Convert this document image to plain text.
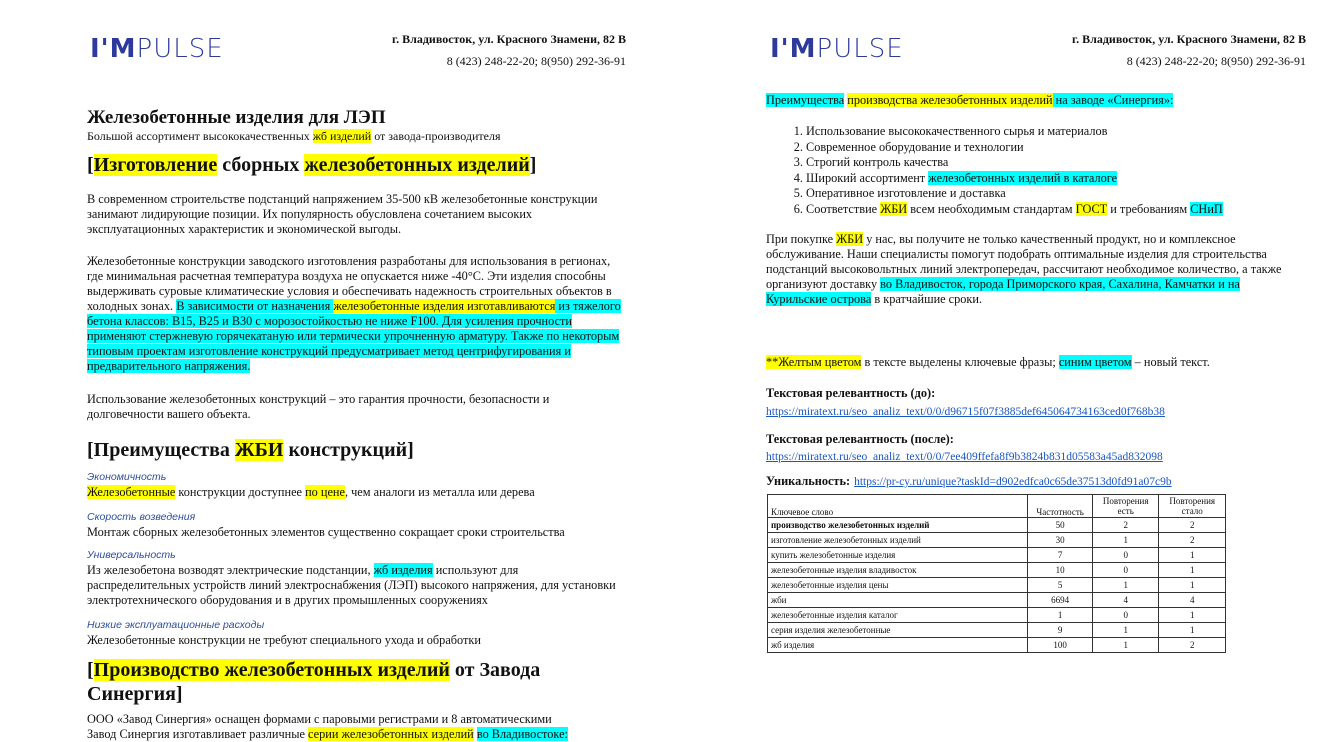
I'MPULSE	г. Владивосток, ул. Красного Знамени, 82 В
8 (423) 248-22-20; 8(950) 292-36-91
Железобетонные изделия для ЛЭП
Большой ассортимент высококачественных жб изделий от завода-производителя
[Изготовление сборных железобетонных изделий]
В современном строительстве подстанций напряжением 35-500 кВ железобетонные конструкции занимают лидирующие позиции. Их популярность обусловлена сочетанием высоких эксплуатационных характеристик и экономической выгоды.
Железобетонные конструкции заводского изготовления разработаны для использования в регионах, где минимальная расчетная температура воздуха не опускается ниже -40°С. Эти изделия способны выдерживать суровые климатические условия и обеспечивать надежность строительных объектов в холодных зонах. В зависимости от назначения железобетонные изделия изготавливаются из тяжелого бетона классов: В15, В25 и В30 с морозостойкостью не ниже F100. Для усиления прочности применяют стержневую горячекатаную или термически упрочненную арматуру. Также по некоторым типовым проектам изготовление конструкций предусматривает метод центрифугирования и предварительного напряжения.
Использование железобетонных конструкций – это гарантия прочности, безопасности и долговечности вашего объекта.
[Преимущества ЖБИ конструкций]
Экономичность
Железобетонные конструкции доступнее по цене, чем аналоги из металла или дерева
Скорость возведения
Монтаж сборных железобетонных элементов существенно сокращает сроки строительства
Универсальность
Из железобетона возводят электрические подстанции, жб изделия используют для распределительных устройств линий электроснабжения (ЛЭП) высокого напряжения, для установки электротехнического оборудования и в других промышленных сооружениях
Низкие эксплуатационные расходы
Железобетонные конструкции не требуют специального ухода и обработки
[Производство железобетонных изделий от Завода Синергия]
ООО «Завод Синергия» оснащен формами с паровыми регистрами и 8 автоматическими
Завод Синергия изготавливает различные серии железобетонных изделий во Владивостоке:
I'MPULSE	г. Владивосток, ул. Красного Знамени, 82 В
8 (423) 248-22-20; 8(950) 292-36-91
Преимущества производства железобетонных изделий на заводе «Синергия»:
1. Использование высококачественного сырья и материалов
2. Современное оборудование и технологии
3. Строгий контроль качества
4. Широкий ассортимент железобетонных изделий в каталоге
5. Оперативное изготовление и доставка
6. Соответствие ЖБИ всем необходимым стандартам ГОСТ и требованиям СНиП
При покупке ЖБИ у нас, вы получите не только качественный продукт, но и комплексное обслуживание. Наши специалисты помогут подобрать оптимальные изделия для строительства подстанций высоковольтных линий электропередач, рассчитают необходимое количество, а также организуют доставку во Владивосток, города Приморского края, Сахалина, Камчатки и на Курильские острова в кратчайшие сроки.
**Желтым цветом в тексте выделены ключевые фразы; синим цветом – новый текст.
Текстовая релевантность (до):
https://miratext.ru/seo_analiz_text/0/0/d96715f07f3885def645064734163ced0f768b38
Текстовая релевантность (после):
https://miratext.ru/seo_analiz_text/0/0/7ee409ffefa8f9b3824b831d05583a45ad832098
Уникальность: https://pr-cy.ru/unique?taskId=d902edfca0c65de37513d0fd91a07c9b
Ключевое слово	Частотность	Повторения есть	Повторения стало
производство железобетонных изделий	50	2	2
изготовление железобетонных изделий	30	1	2
купить железобетонные изделия	7	0	1
железобетонные изделия владивосток	10	0	1
железобетонные изделия цены	5	1	1
жби	6694	4	4
железобетонные изделия каталог	1	0	1
серия изделия железобетонные	9	1	1
жб изделия	100	1	2
